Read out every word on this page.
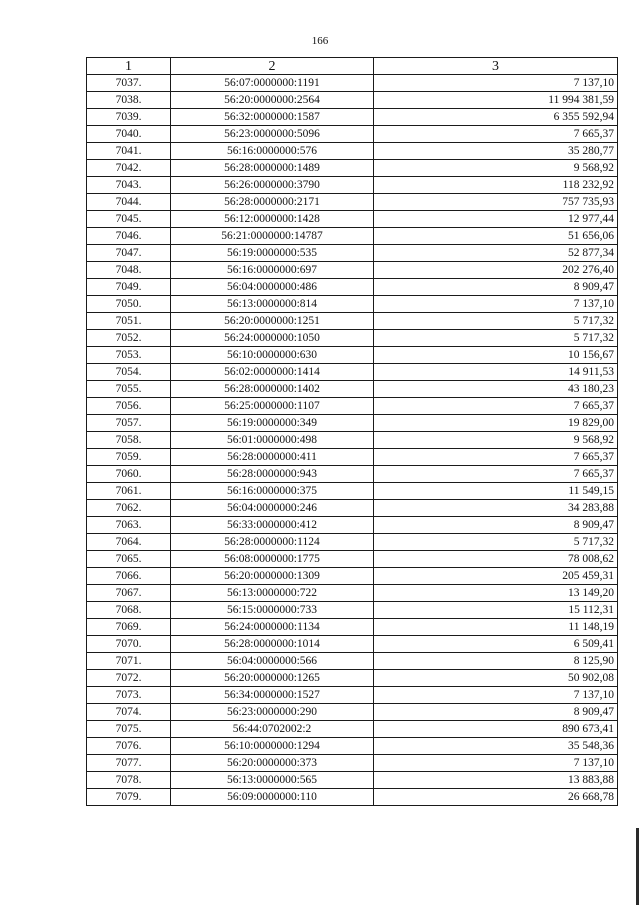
166
1	2	3
7037.	56:07:0000000:1191	7 137,10
7038.	56:20:0000000:2564	11 994 381,59
7039.	56:32:0000000:1587	6 355 592,94
7040.	56:23:0000000:5096	7 665,37
7041.	56:16:0000000:576	35 280,77
7042.	56:28:0000000:1489	9 568,92
7043.	56:26:0000000:3790	118 232,92
7044.	56:28:0000000:2171	757 735,93
7045.	56:12:0000000:1428	12 977,44
7046.	56:21:0000000:14787	51 656,06
7047.	56:19:0000000:535	52 877,34
7048.	56:16:0000000:697	202 276,40
7049.	56:04:0000000:486	8 909,47
7050.	56:13:0000000:814	7 137,10
7051.	56:20:0000000:1251	5 717,32
7052.	56:24:0000000:1050	5 717,32
7053.	56:10:0000000:630	10 156,67
7054.	56:02:0000000:1414	14 911,53
7055.	56:28:0000000:1402	43 180,23
7056.	56:25:0000000:1107	7 665,37
7057.	56:19:0000000:349	19 829,00
7058.	56:01:0000000:498	9 568,92
7059.	56:28:0000000:411	7 665,37
7060.	56:28:0000000:943	7 665,37
7061.	56:16:0000000:375	11 549,15
7062.	56:04:0000000:246	34 283,88
7063.	56:33:0000000:412	8 909,47
7064.	56:28:0000000:1124	5 717,32
7065.	56:08:0000000:1775	78 008,62
7066.	56:20:0000000:1309	205 459,31
7067.	56:13:0000000:722	13 149,20
7068.	56:15:0000000:733	15 112,31
7069.	56:24:0000000:1134	11 148,19
7070.	56:28:0000000:1014	6 509,41
7071.	56:04:0000000:566	8 125,90
7072.	56:20:0000000:1265	50 902,08
7073.	56:34:0000000:1527	7 137,10
7074.	56:23:0000000:290	8 909,47
7075.	56:44:0702002:2	890 673,41
7076.	56:10:0000000:1294	35 548,36
7077.	56:20:0000000:373	7 137,10
7078.	56:13:0000000:565	13 883,88
7079.	56:09:0000000:110	26 668,78
